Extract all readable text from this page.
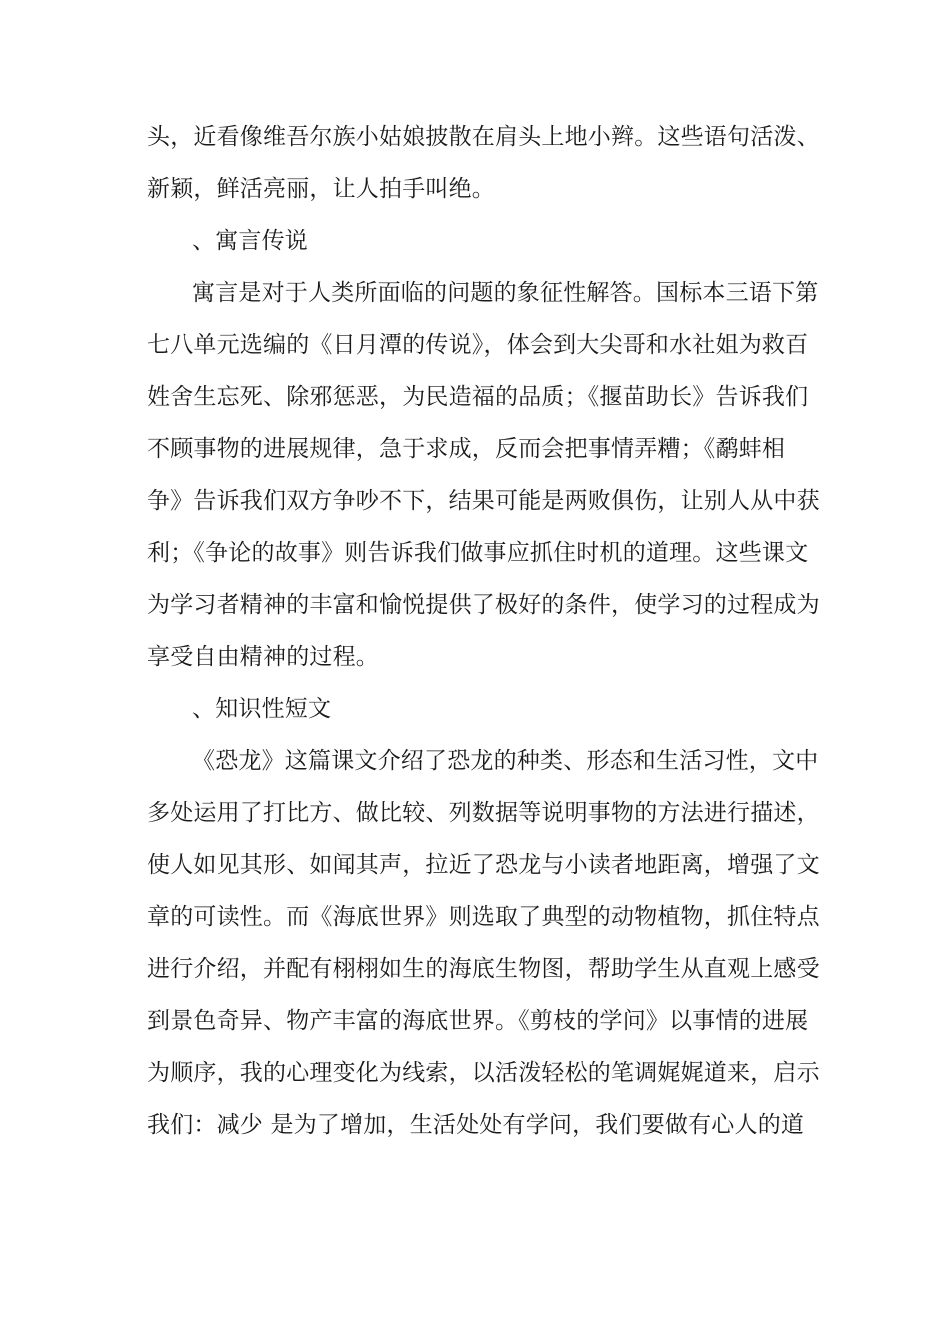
头，近看像维吾尔族小姑娘披散在肩头上地小辫。这些语句活泼、
新颖，鲜活亮丽，让人拍手叫绝。
、寓言传说
寓言是对于人类所面临的问题的象征性解答。国标本三语下第
七八单元选编的《日月潭的传说》，体会到大尖哥和水社姐为救百
姓舍生忘死、除邪惩恶，为民造福的品质；《揠苗助长》告诉我们
不顾事物的进展规律，急于求成，反而会把事情弄糟；《鹬蚌相
争》告诉我们双方争吵不下，结果可能是两败俱伤，让别人从中获
利；《争论的故事》则告诉我们做事应抓住时机的道理。这些课文
为学习者精神的丰富和愉悦提供了极好的条件，使学习的过程成为
享受自由精神的过程。
、知识性短文
《恐龙》这篇课文介绍了恐龙的种类、形态和生活习性，文中
多处运用了打比方、做比较、列数据等说明事物的方法进行描述，
使人如见其形、如闻其声，拉近了恐龙与小读者地距离，增强了文
章的可读性。而《海底世界》则选取了典型的动物植物，抓住特点
进行介绍，并配有栩栩如生的海底生物图，帮助学生从直观上感受
到景色奇异、物产丰富的海底世界。《剪枝的学问》以事情的进展
为顺序，我的心理变化为线索，以活泼轻松的笔调娓娓道来，启示
我们：减少 是为了增加，生活处处有学问，我们要做有心人的道
